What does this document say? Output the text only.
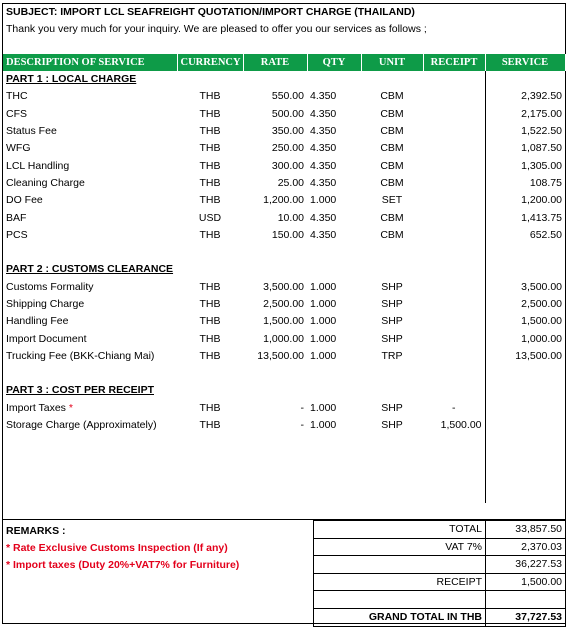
SUBJECT: IMPORT LCL SEAFREIGHT QUOTATION/IMPORT CHARGE (THAILAND)
Thank you very much for your inquiry. We are pleased to offer you our services as follows ;
DESCRIPTION OF SERVICE	CURRENCY	RATE	QTY	UNIT	RECEIPT	SERVICE
PART 1 : LOCAL CHARGE						
THC	THB	550.00	4.350	CBM		2,392.50
CFS	THB	500.00	4.350	CBM		2,175.00
Status Fee	THB	350.00	4.350	CBM		1,522.50
WFG	THB	250.00	4.350	CBM		1,087.50
LCL Handling	THB	300.00	4.350	CBM		1,305.00
Cleaning Charge	THB	25.00	4.350	CBM		108.75
DO Fee	THB	1,200.00	1.000	SET		1,200.00
BAF	USD	10.00	4.350	CBM		1,413.75
PCS	THB	150.00	4.350	CBM		652.50

PART 2 : CUSTOMS CLEARANCE						
Customs Formality	THB	3,500.00	1.000	SHP		3,500.00
Shipping Charge	THB	2,500.00	1.000	SHP		2,500.00
Handling Fee	THB	1,500.00	1.000	SHP		1,500.00
Import Document	THB	1,000.00	1.000	SHP		1,000.00
Trucking Fee (BKK-Chiang Mai)	THB	13,500.00	1.000	TRP		13,500.00

PART 3 : COST PER RECEIPT						
Import Taxes *	THB	-	1.000	SHP	-	
Storage Charge (Approximately)	THB	-	1.000	SHP	1,500.00	

REMARKS :
* Rate Exclusive Customs Inspection (If any)
* Import taxes (Duty 20%+VAT7% for Furniture)
TOTAL	33,857.50
VAT 7%	2,370.03
	36,227.53
RECEIPT	1,500.00

GRAND TOTAL IN THB	37,727.53
